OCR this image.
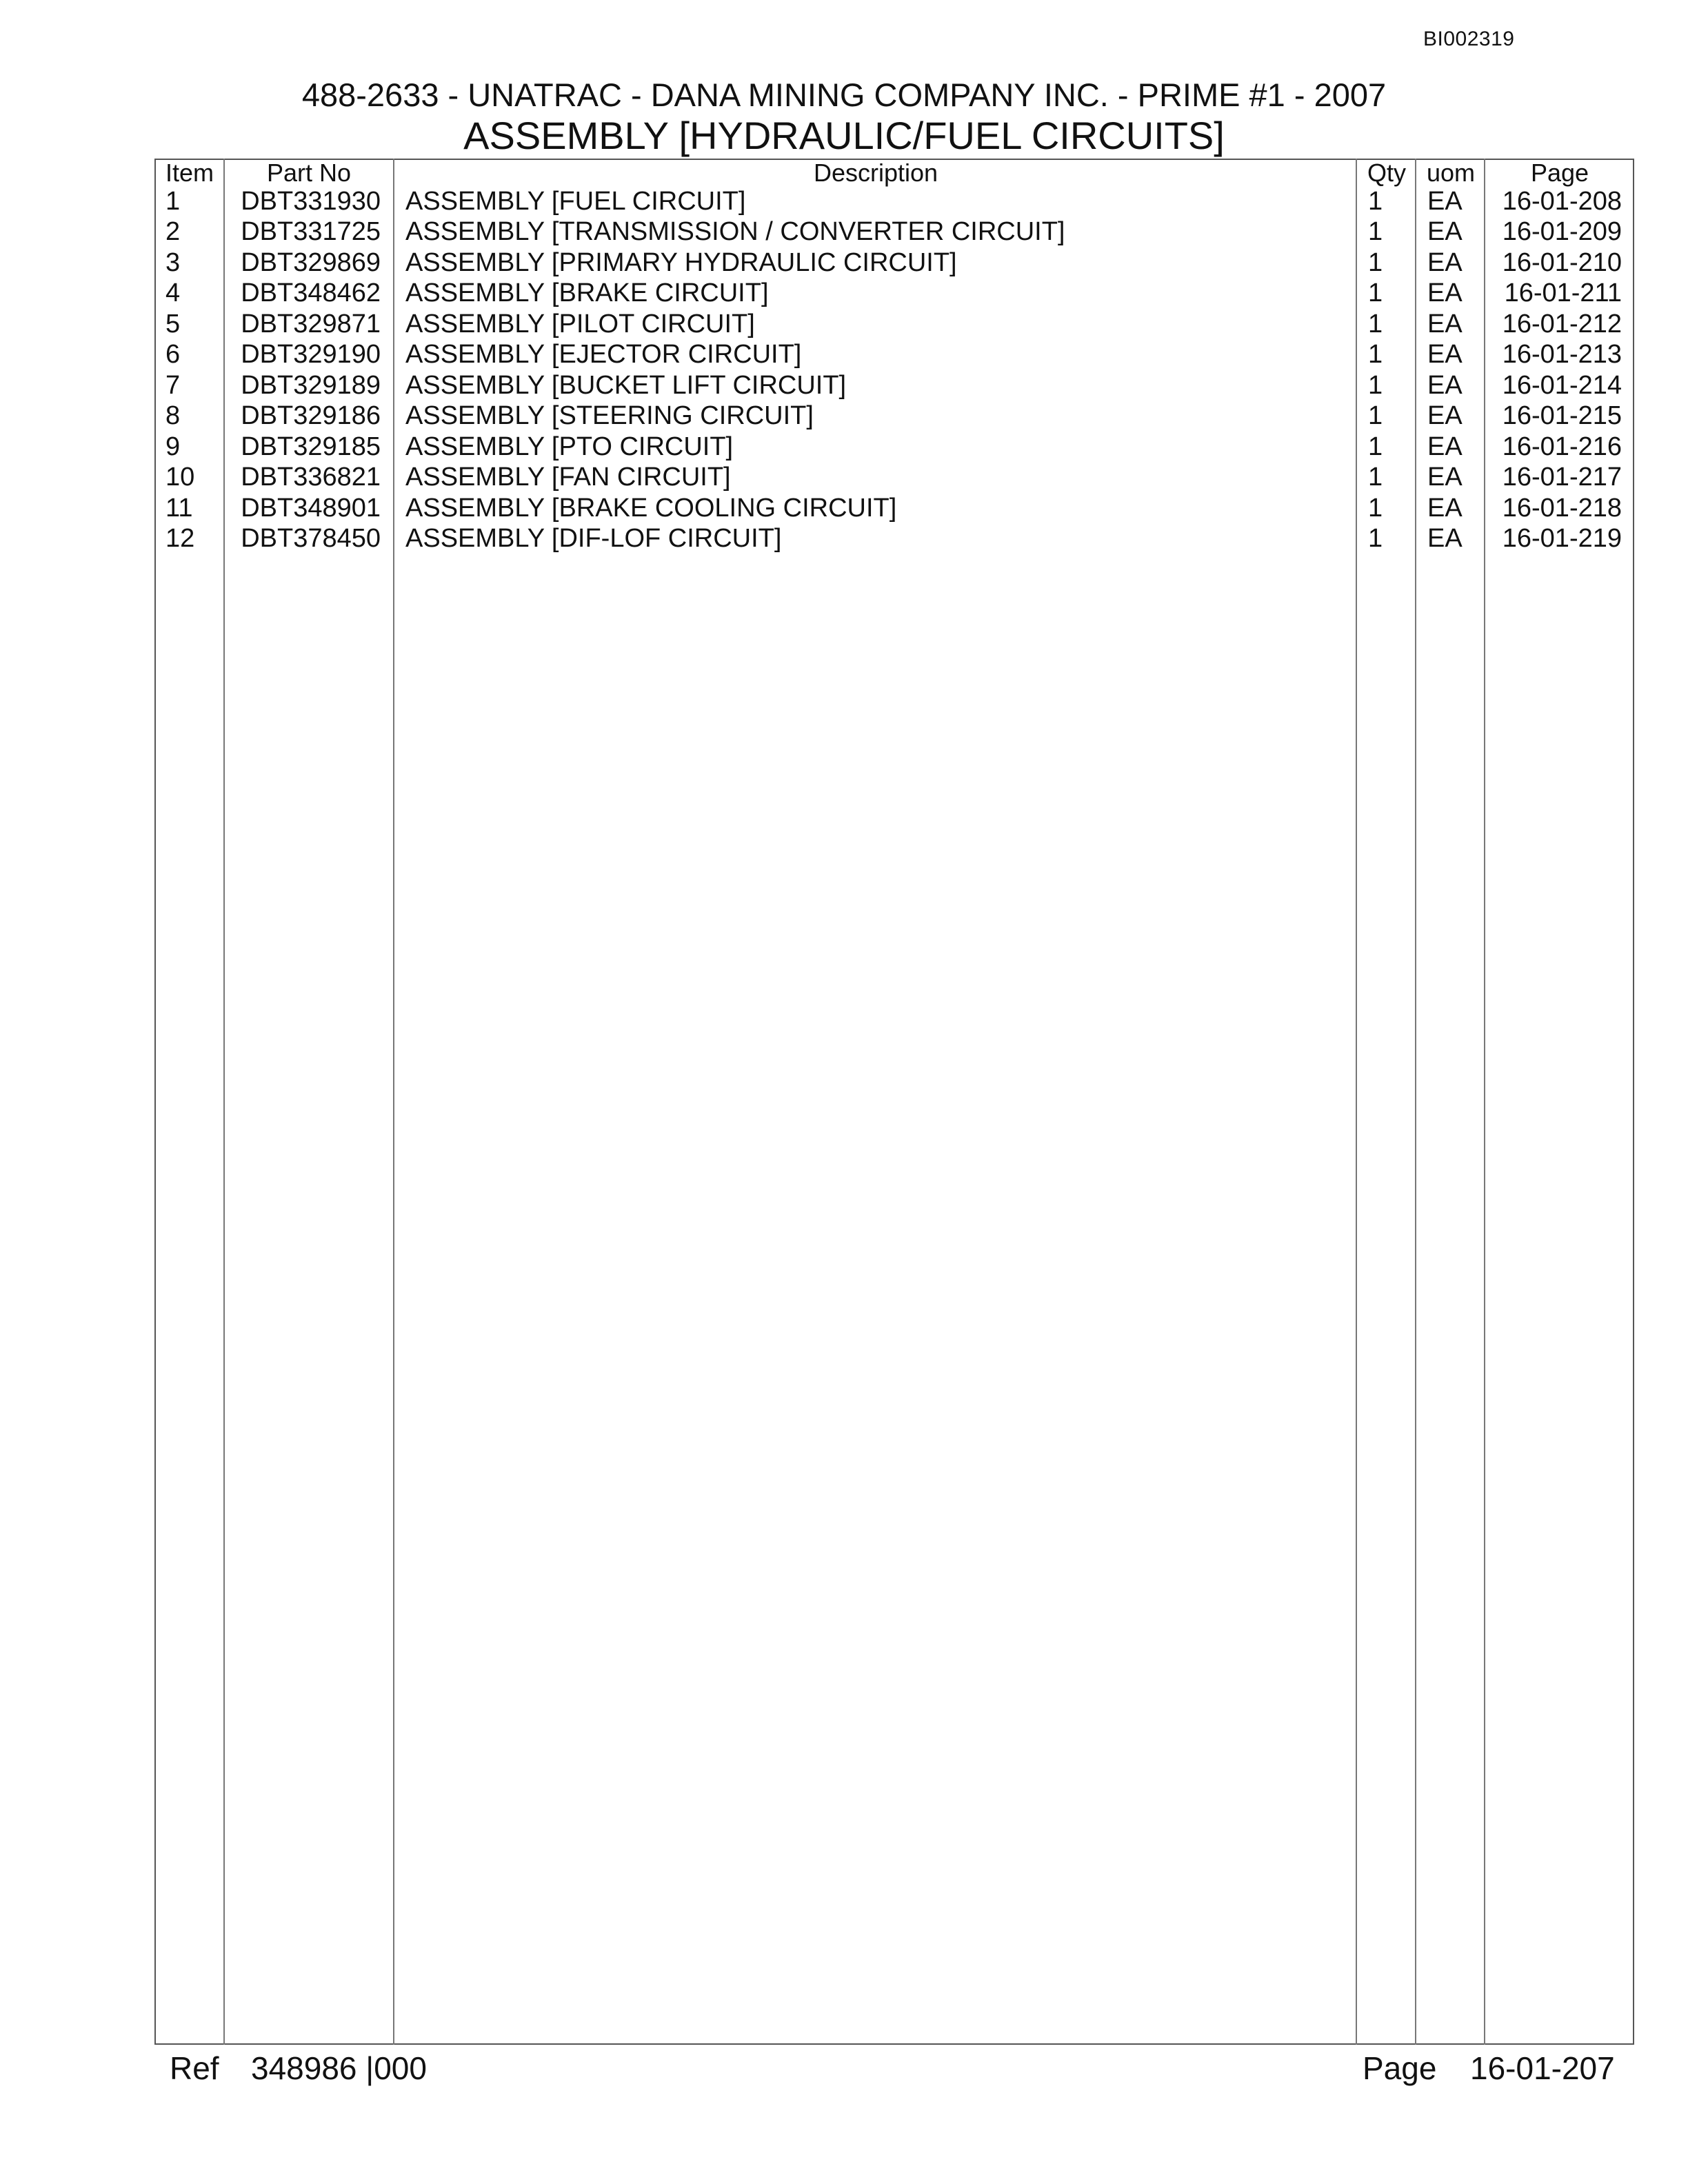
BI002319
488-2633 - UNATRAC - DANA MINING COMPANY INC. - PRIME #1 - 2007
ASSEMBLY [HYDRAULIC/FUEL CIRCUITS]
Item	Part No	Description	Qty uom	Page
1 DBT331930 ASSEMBLY [FUEL CIRCUIT]	1 EA 16-01-208
2 DBT331725 ASSEMBLY [TRANSMISSION / CONVERTER CIRCUIT]	1 EA 16-01-209
3 DBT329869 ASSEMBLY [PRIMARY HYDRAULIC CIRCUIT]	1 EA 16-01-210
4 DBT348462 ASSEMBLY [BRAKE CIRCUIT]	1 EA 16-01-211
5 DBT329871 ASSEMBLY [PILOT CIRCUIT]	1 EA 16-01-212
6 DBT329190 ASSEMBLY [EJECTOR CIRCUIT]	1 EA 16-01-213
7 DBT329189 ASSEMBLY [BUCKET LIFT CIRCUIT]	1 EA 16-01-214
8 DBT329186 ASSEMBLY [STEERING CIRCUIT]	1 EA 16-01-215
9 DBT329185 ASSEMBLY [PTO CIRCUIT]	1 EA 16-01-216
10 DBT336821 ASSEMBLY [FAN CIRCUIT]	1 EA 16-01-217
11 DBT348901 ASSEMBLY [BRAKE COOLING CIRCUIT]	1 EA 16-01-218
12 DBT378450 ASSEMBLY [DIF-LOF CIRCUIT]	1 EA 16-01-219
Ref 348986 |000	Page 16-01-207
